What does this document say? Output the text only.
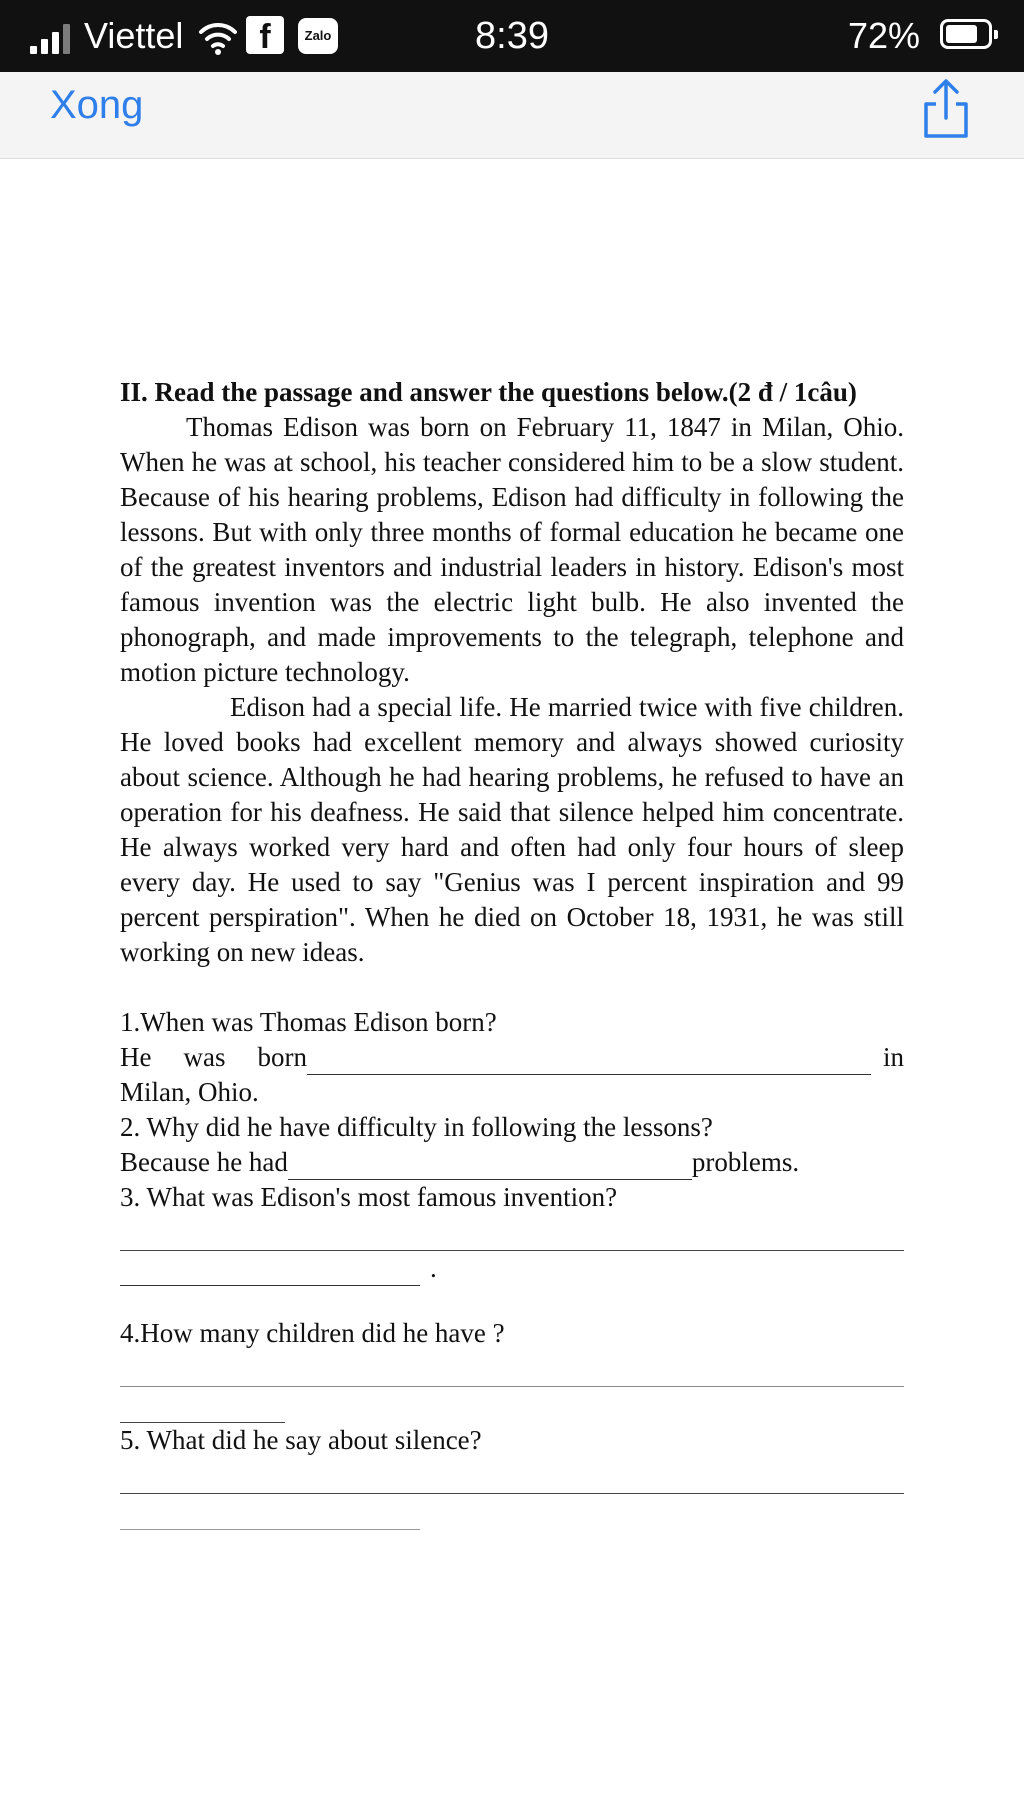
Viettel	f	Zalo	8:39	72%
Xong
II. Read the passage and answer the questions below.(2 đ / 1câu)

Thomas Edison was born on February 11, 1847 in Milan, Ohio. When he was at school, his teacher considered him to be a slow student. Because of his hearing problems, Edison had difficulty in following the lessons. But with only three months of formal education he became one of the greatest inventors and industrial leaders in history. Edison's most famous invention was the electric light bulb. He also invented the phonograph, and made improvements to the telegraph, telephone and motion picture technology.

Edison had a special life. He married twice with five children. He loved books had excellent memory and always showed curiosity about science. Although he had hearing problems, he refused to have an operation for his deafness. He said that silence helped him concentrate. He always worked very hard and often had only four hours of sleep every day. He used to say "Genius was I percent inspiration and 99 percent perspiration". When he died on October 18, 1931, he was still working on new ideas.

1.When was Thomas Edison born?
He was born	in
Milan, Ohio.
2. Why did he have difficulty in following the lessons?
Because he had	problems.
3. What was Edison's most famous invention?
.
4.How many children did he have ?
5. What did he say about silence?
